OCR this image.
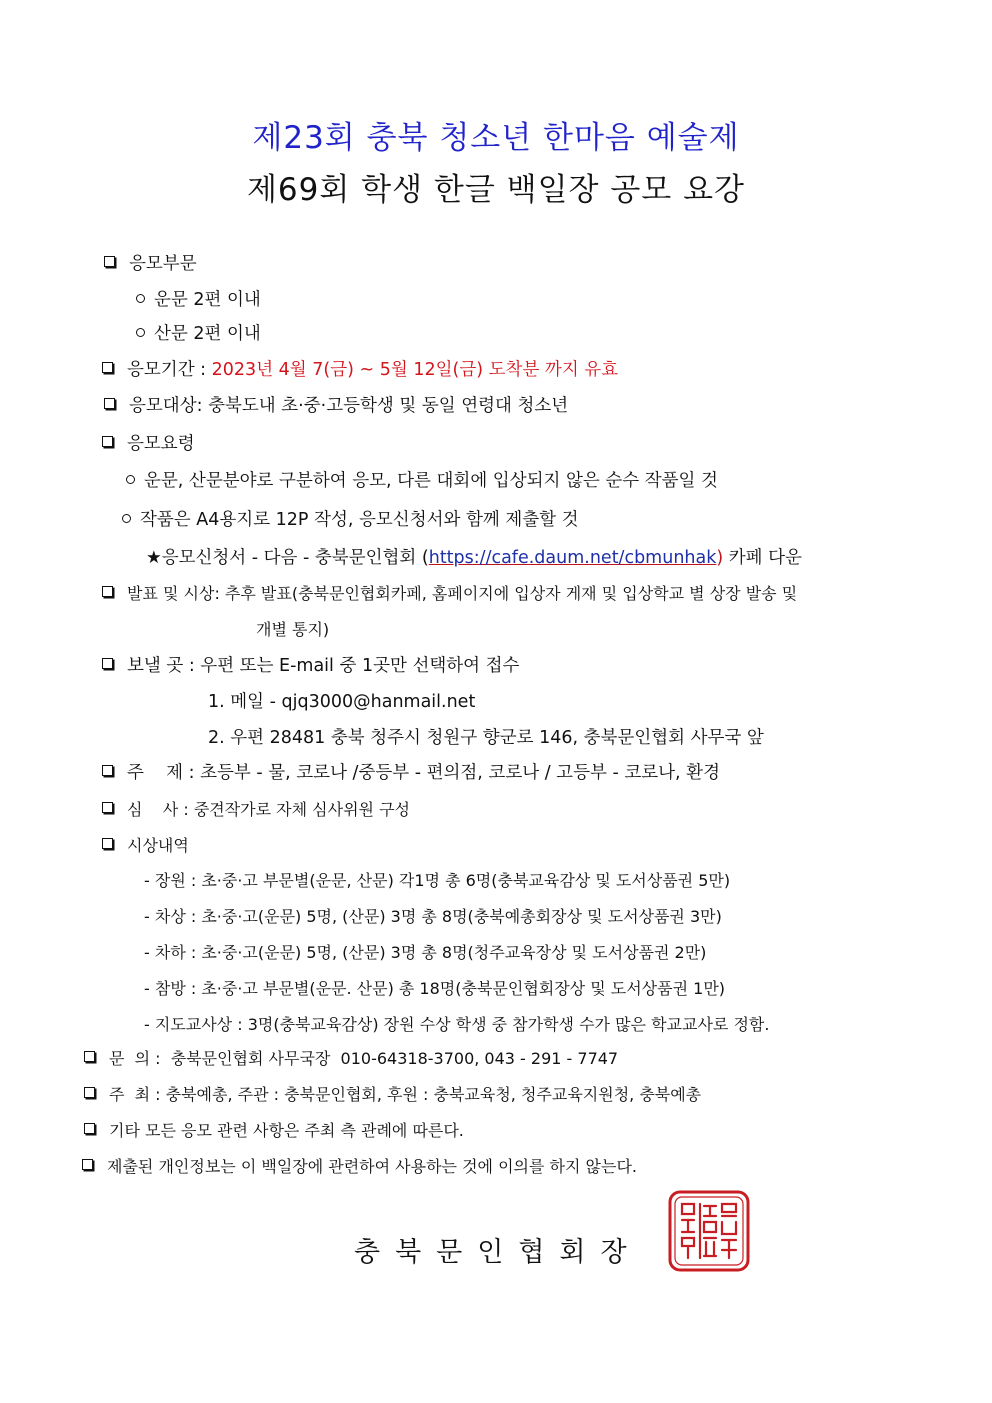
제23회 충북 청소년 한마음 예술제
제69회 학생 한글 백일장 공모 요강
응모부문
운문 2편 이내
산문 2편 이내
응모기간 : 2023년 4월 7(금) ~ 5월 12일(금) 도착분 까지 유효
응모대상: 충북도내 초·중·고등학생 및 동일 연령대 청소년
응모요령
운문, 산문분야로 구분하여 응모, 다른 대회에 입상되지 않은 순수 작품일 것
작품은 A4용지로 12P 작성, 응모신청서와 함께 제출할 것
★응모신청서 - 다음 - 충북문인협회 (https://cafe.daum.net/cbmunhak) 카페 다운
발표 및 시상: 추후 발표(충북문인협회카페, 홈페이지에 입상자 게재 및 입상학교 별 상장 발송 및
개별 통지)
보낼 곳 : 우편 또는 E-mail 중 1곳만 선택하여 접수
1. 메일 - qjq3000@hanmail.net
2. 우편 28481 충북 청주시 청원구 향군로 146, 충북문인협회 사무국 앞
주    제 : 초등부 - 물, 코로나 /중등부 - 편의점, 코로나 / 고등부 - 코로나, 환경
심    사 : 중견작가로 자체 심사위원 구성
시상내역
- 장원 : 초·중·고 부문별(운문, 산문) 각1명 총 6명(충북교육감상 및 도서상품권 5만)
- 차상 : 초·중·고(운문) 5명, (산문) 3명 총 8명(충북예총회장상 및 도서상품권 3만)
- 차하 : 초·중·고(운문) 5명, (산문) 3명 총 8명(청주교육장상 및 도서상품권 2만)
- 참방 : 초·중·고 부문별(운문. 산문) 총 18명(충북문인협회장상 및 도서상품권 1만)
- 지도교사상 : 3명(충북교육감상) 장원 수상 학생 중 참가학생 수가 많은 학교교사로 정함.
문  의 :  충북문인협회 사무국장  010-64318-3700, 043 - 291 - 7747
주  최 : 충북예총, 주관 : 충북문인협회, 후원 : 충북교육청, 청주교육지원청, 충북예총
기타 모든 응모 관련 사항은 주최 측 관례에 따른다.
제출된 개인정보는 이 백일장에 관련하여 사용하는 것에 이의를 하지 않는다.
충북문인협회장
